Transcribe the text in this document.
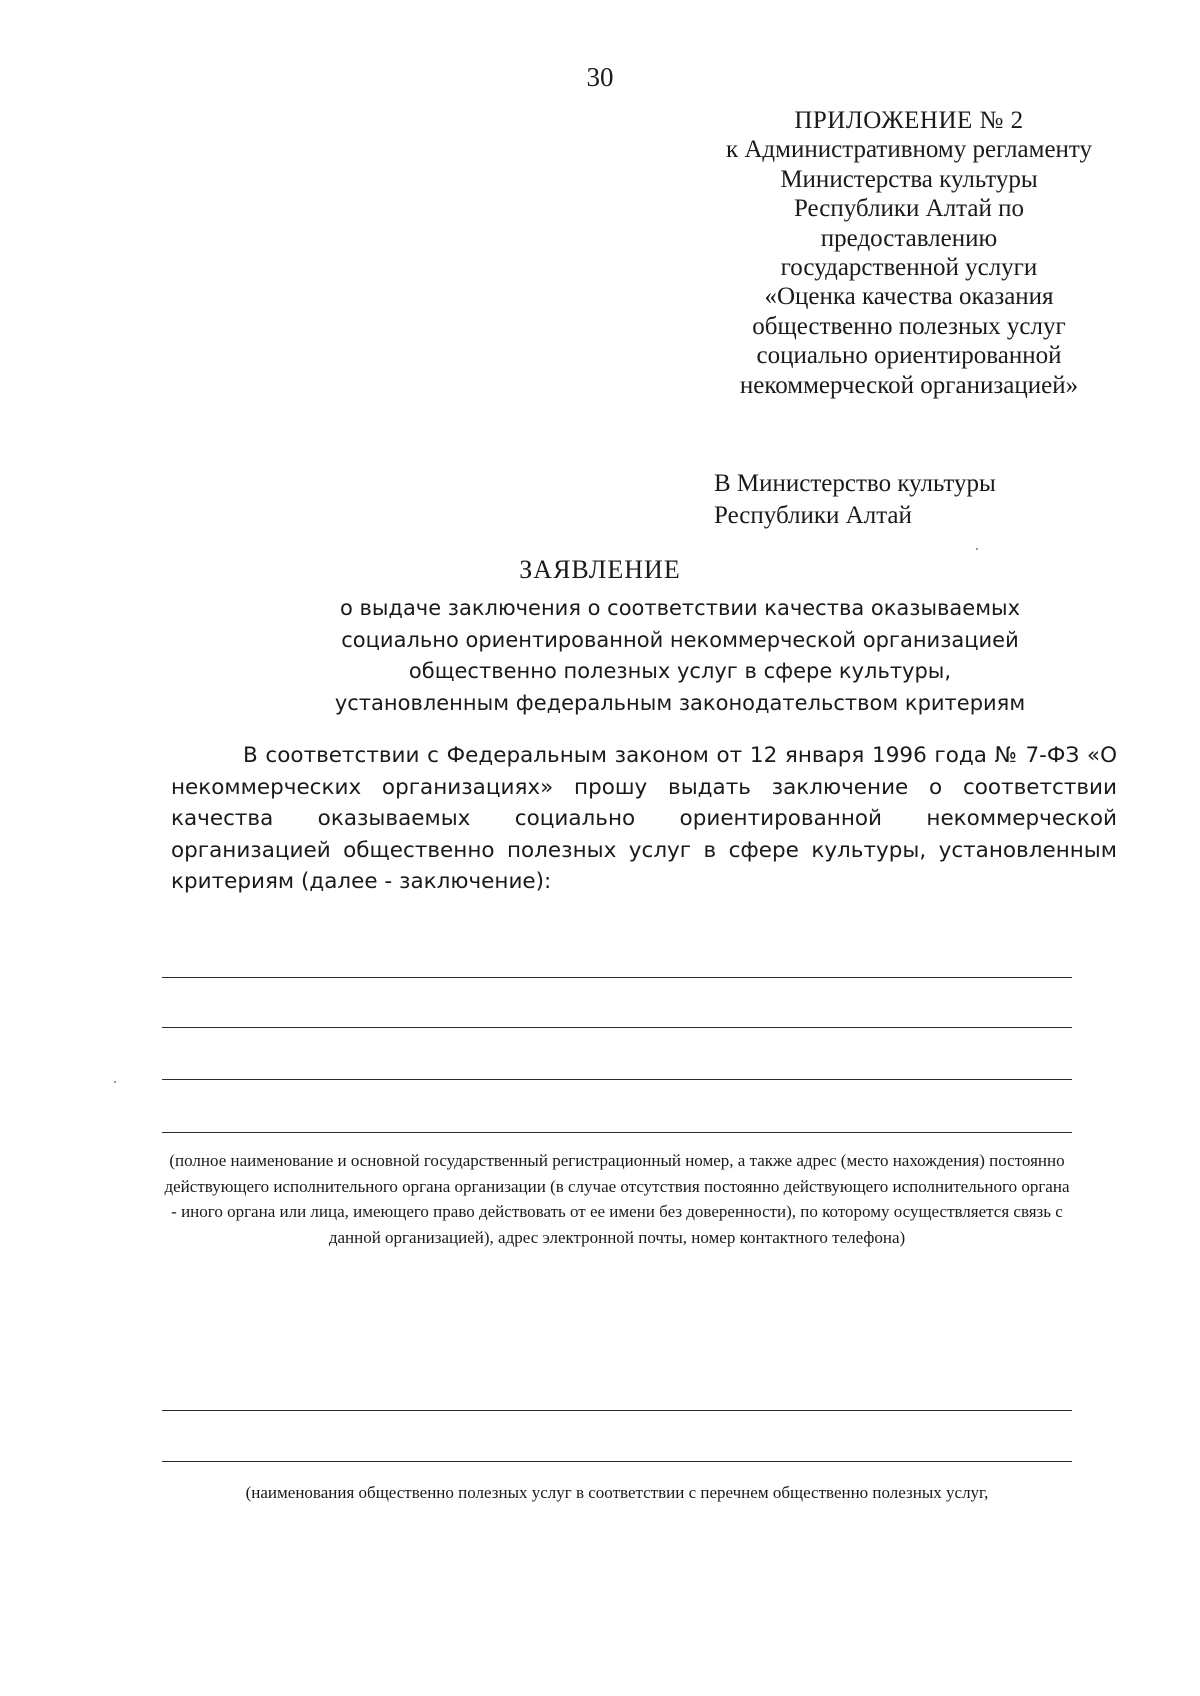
30
ПРИЛОЖЕНИЕ № 2
к Административному регламенту
Министерства культуры
Республики Алтай по
предоставлению
государственной услуги
«Оценка качества оказания
общественно полезных услуг
социально ориентированной
некоммерческой организацией»
В Министерство культуры
Республики Алтай
ЗАЯВЛЕНИЕ
о выдаче заключения о соответствии качества оказываемых
социально ориентированной некоммерческой организацией
общественно полезных услуг в сфере культуры,
установленным федеральным законодательством критериям
В соответствии с Федеральным законом от 12 января 1996 года № 7-ФЗ «О некоммерческих организациях» прошу выдать заключение о соответствии качества оказываемых социально ориентированной некоммерческой организацией общественно полезных услуг в сфере культуры, установленным критериям (далее - заключение):
(полное наименование и основной государственный регистрационный номер, а также адрес (место нахождения) постоянно действующего исполнительного органа организации (в случае отсутствия постоянно действующего исполнительного органа - иного органа или лица, имеющего право действовать от ее имени без доверенности), по которому осуществляется связь с данной организацией), адрес электронной почты, номер контактного телефона)
(наименования общественно полезных услуг в соответствии с перечнем общественно полезных услуг,
